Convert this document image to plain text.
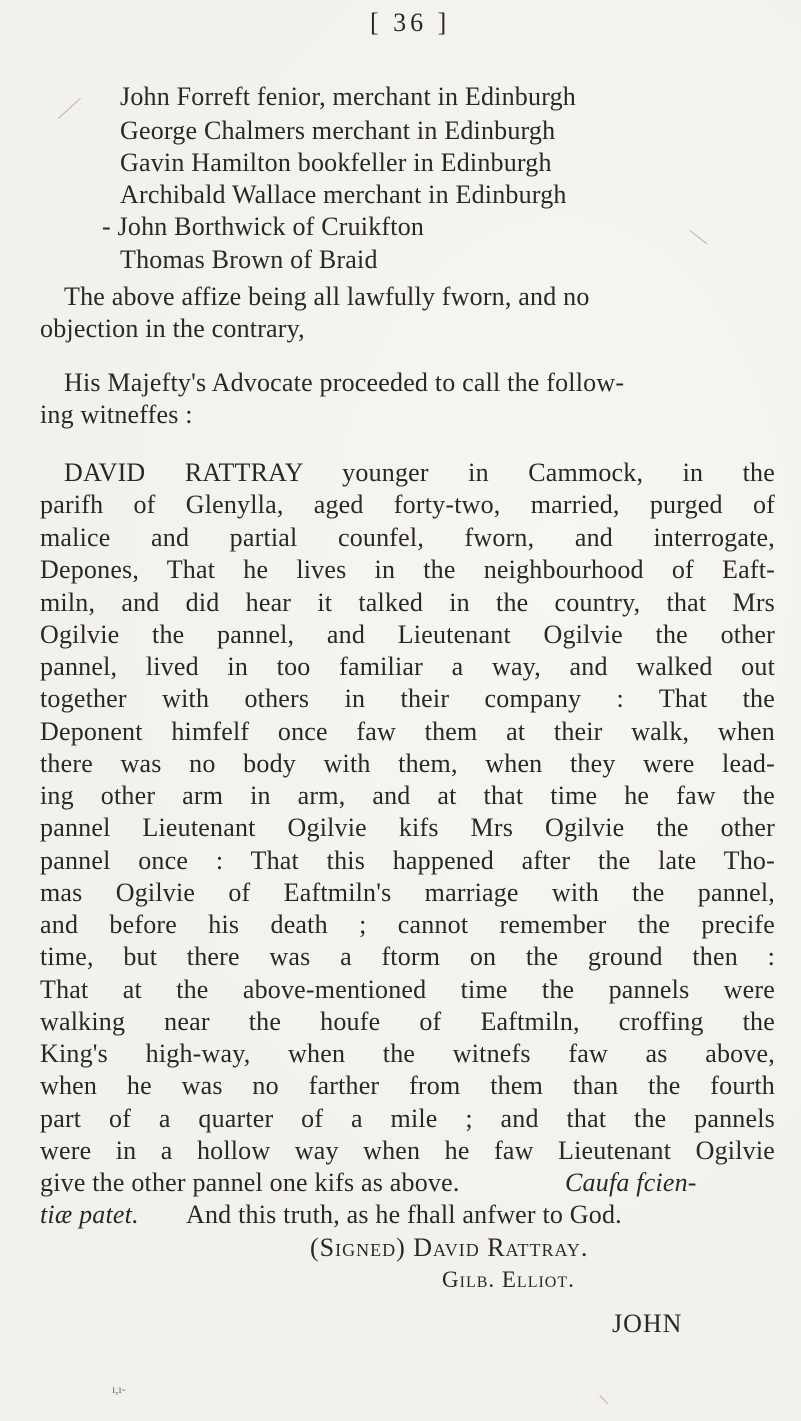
[ 36 ]
John Forreft fenior, merchant in Edinburgh
George Chalmers merchant in Edinburgh
Gavin Hamilton bookfeller in Edinburgh
Archibald Wallace merchant in Edinburgh
- John Borthwick of Cruikfton
Thomas Brown of Braid
The above affize being all lawfully fworn, and no
objection in the contrary,
His Majefty's Advocate proceeded to call the follow-
ing witneffes :
DAVID RATTRAY younger in Cammock, in the
parifh of Glenylla, aged forty-two, married, purged of
malice and partial counfel, fworn, and interrogate,
Depones, That he lives in the neighbourhood of Eaft-
miln, and did hear it talked in the country, that Mrs
Ogilvie the pannel, and Lieutenant Ogilvie the other
pannel, lived in too familiar a way, and walked out
together with others in their company : That the
Deponent himfelf once faw them at their walk, when
there was no body with them, when they were lead-
ing other arm in arm, and at that time he faw the
pannel Lieutenant Ogilvie kifs Mrs Ogilvie the other
pannel once : That this happened after the late Tho-
mas Ogilvie of Eaftmiln's marriage with the pannel,
and before his death ; cannot remember the precife
time, but there was a ftorm on the ground then :
That at the above-mentioned time the pannels were
walking near the houfe of Eaftmiln, croffing the
King's high-way, when the witnefs faw as above,
when he was no farther from them than the fourth
part of a quarter of a mile ; and that the pannels
were in a hollow way when he faw Lieutenant Ogilvie
give the other pannel one kifs as above.	Caufa fcien-
tiæ patet. And this truth, as he fhall anfwer to God.
(Signed) David Rattray.
Gilb. Elliot.
JOHN
ı,ı-
